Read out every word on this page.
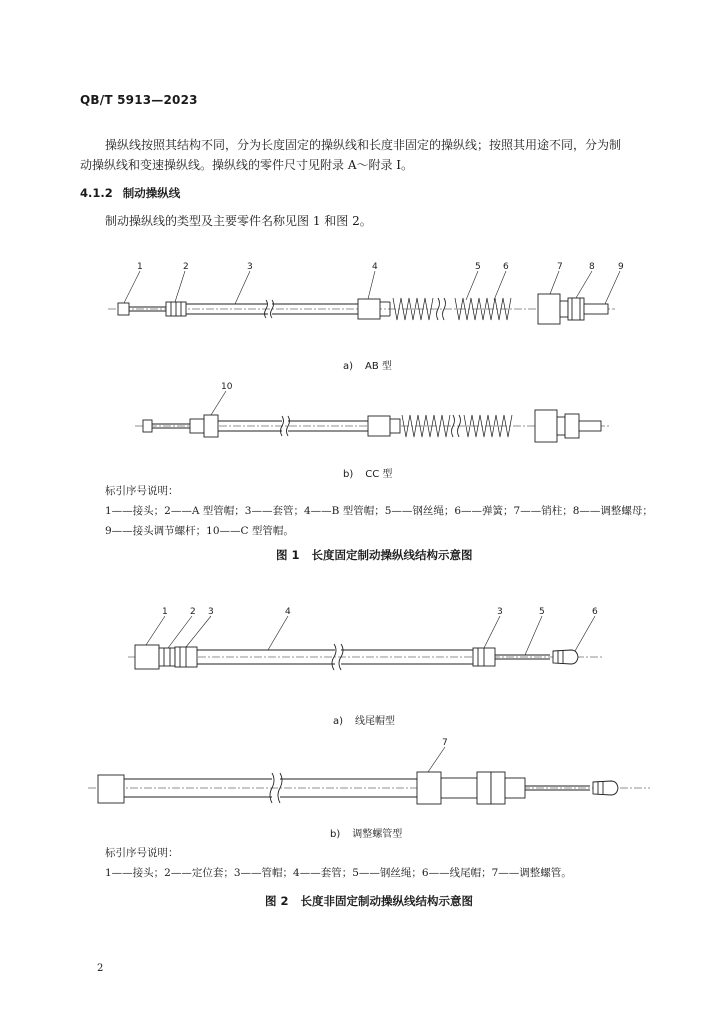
QB/T 5913—2023
操纵线按照其结构不同，分为长度固定的操纵线和长度非固定的操纵线；按照其用途不同，分为制
动操纵线和变速操纵线。操纵线的零件尺寸见附录 A～附录 I。
4.1.2 制动操纵线
制动操纵线的类型及主要零件名称见图 1 和图 2。
1	2	3	4	5 6	7	8	9
10
1 2 3	4	3	5	6
7
a) AB 型
b) CC 型
标引序号说明：
1——接头；2——A 型管帽；3——套管；4——B 型管帽；5——钢丝绳；6——弹簧；7——销柱；8——调整螺母；
9——接头调节螺杆；10——C 型管帽。
图 1 长度固定制动操纵线结构示意图
a) 线尾帽型
b) 调整螺管型
标引序号说明：
1——接头；2——定位套；3——管帽；4——套管；5——钢丝绳；6——线尾帽；7——调整螺管。
图 2 长度非固定制动操纵线结构示意图
2
